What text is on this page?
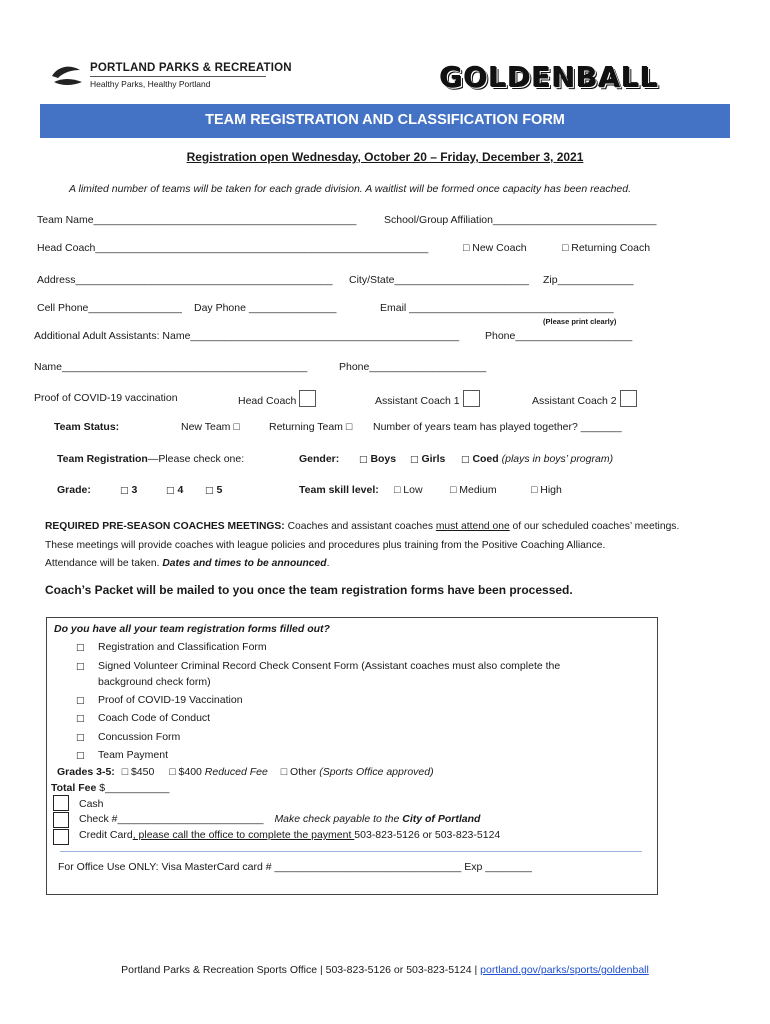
PORTLAND PARKS & RECREATION
Healthy Parks, Healthy Portland	GOLDENBALL
TEAM REGISTRATION AND CLASSIFICATION FORM
Registration open Wednesday, October 20 – Friday, December 3, 2021
A limited number of teams will be taken for each grade division. A waitlist will be formed once capacity has been reached.
Team Name_____________________________________________	School/Group Affiliation____________________________
Head Coach_________________________________________________________	□ New Coach	□ Returning Coach
Address____________________________________________ City/State_______________________ Zip_____________
Cell Phone________________ Day Phone _______________	Email ___________________________________
(Please print clearly)
Additional Adult Assistants: Name______________________________________________ Phone____________________
Name__________________________________________	Phone____________________
Proof of COVID-19 vaccination	Head Coach	Assistant Coach 1	Assistant Coach 2
Team Status:	New Team □	Returning Team □ Number of years team has played together? _______
Team Registration—Please check one:	Gender: □ Boys □ Girls □ Coed (plays in boys’ program)
Grade:	□ 3	□ 4 □ 5	Team skill level: □ Low	□ Medium	□ High
REQUIRED PRE-SEASON COACHES MEETINGS: Coaches and assistant coaches must attend one of our scheduled coaches’ meetings.
These meetings will provide coaches with league policies and procedures plus training from the Positive Coaching Alliance.
Attendance will be taken. Dates and times to be announced.
Coach’s Packet will be mailed to you once the team registration forms have been processed.
Do you have all your team registration forms filled out?
□ Registration and Classification Form
□ Signed Volunteer Criminal Record Check Consent Form (Assistant coaches must also complete the
background check form)
□ Proof of COVID-19 Vaccination
□ Coach Code of Conduct
□ Concussion Form
□ Team Payment
Grades 3-5: □ $450 □ $400 Reduced Fee □ Other (Sports Office approved)
Total Fee $___________
Cash
Check #_________________________ Make check payable to the City of Portland
Credit Card, please call the office to complete the payment 503-823-5126 or 503-823-5124
For Office Use ONLY: Visa MasterCard card # ________________________________ Exp ________
Portland Parks & Recreation Sports Office | 503-823-5126 or 503-823-5124 | portland.gov/parks/sports/goldenball
